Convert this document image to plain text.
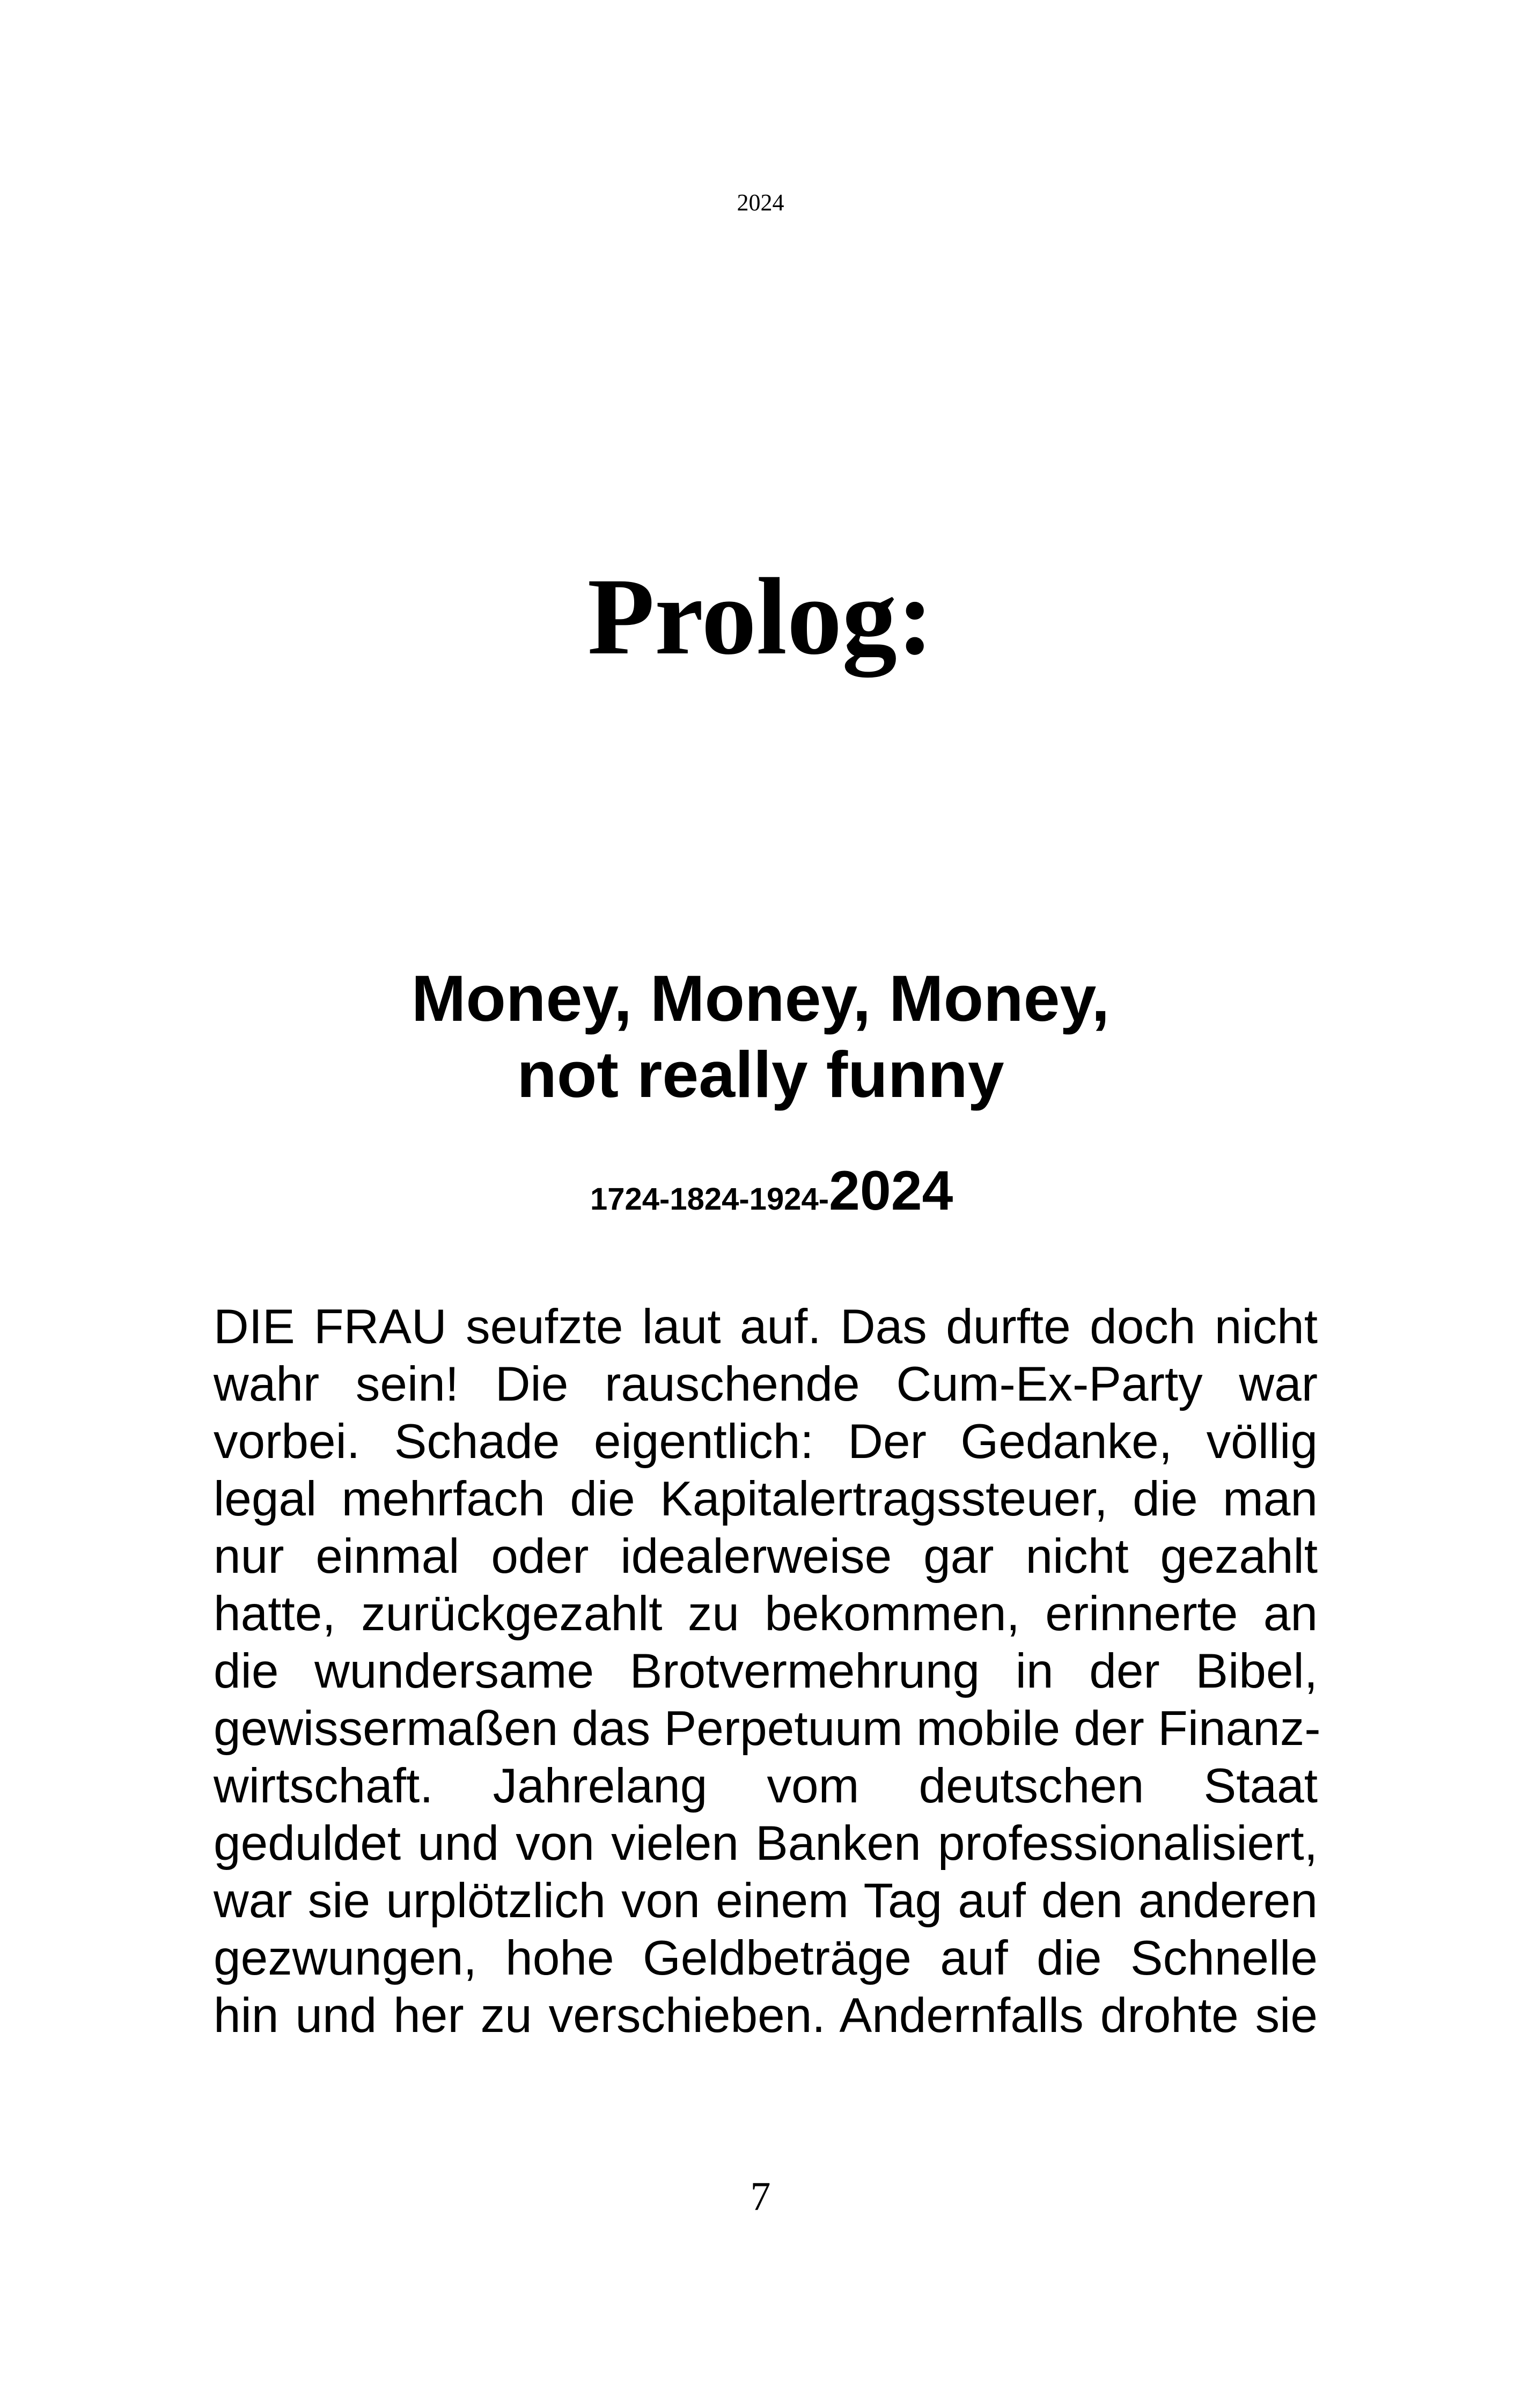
2024
Prolog:
Money, Money, Money,
not really funny
1724-1824-1924-2024
DIE FRAU seufzte laut auf. Das durfte doch nicht
wahr sein! Die rauschende Cum-Ex-Party war
vorbei. Schade eigentlich: Der Gedanke, völlig
legal mehrfach die Kapitalertragssteuer, die man
nur einmal oder idealerweise gar nicht gezahlt
hatte, zurückgezahlt zu bekommen, erinnerte an
die wundersame Brotvermehrung in der Bibel,
gewissermaßen das Perpetuum mobile der Finanz-
wirtschaft. Jahrelang vom deutschen Staat
geduldet und von vielen Banken professionalisiert,
war sie urplötzlich von einem Tag auf den anderen
gezwungen, hohe Geldbeträge auf die Schnelle
hin und her zu verschieben. Andernfalls drohte sie
7
